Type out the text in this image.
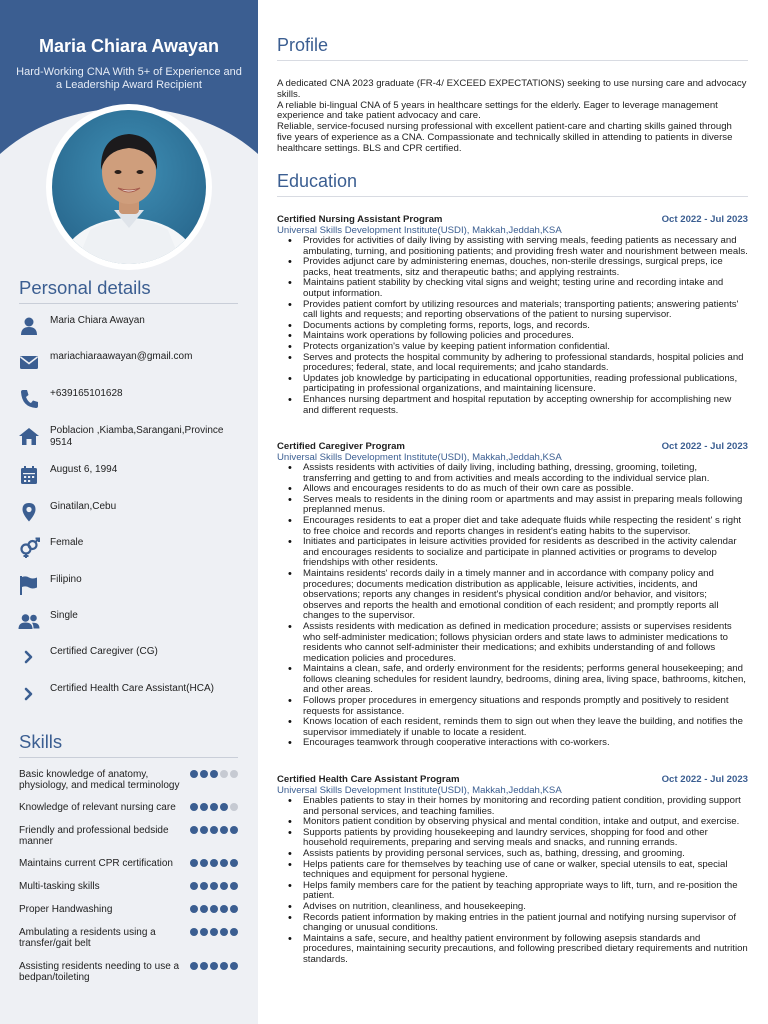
Maria Chiara Awayan
Hard-Working CNA With 5+ of Experience and a Leadership Award Recipient
Personal details
Maria Chiara Awayan
mariachiaraawayan@gmail.com
+639165101628
Poblacion ,Kiamba,Sarangani,Province 9514
August 6, 1994
Ginatilan,Cebu
Female
Filipino
Single
Certified Caregiver (CG)
Certified Health Care Assistant(HCA)
Skills
Basic knowledge of anatomy, physiology, and medical terminology
Knowledge of relevant nursing care
Friendly and professional bedside manner
Maintains current CPR certification
Multi-tasking skills
Proper Handwashing
Ambulating a residents using a transfer/gait belt
Assisting residents needing to use a bedpan/toileting
Profile

A dedicated CNA 2023 graduate (FR-4/ EXCEED EXPECTATIONS) seeking to use nursing care and advocacy skills.

A reliable bi-lingual CNA of 5 years in healthcare settings for the elderly. Eager to leverage management experience and take patient advocacy and care.

Reliable, service-focused nursing professional with excellent patient-care and charting skills gained through five years of experience as a CNA. Compassionate and technically skilled in attending to patients in diverse healthcare settings. BLS and CPR certified.

Education
Certified Nursing Assistant Program	Oct 2022 - Jul 2023
Universal Skills Development Institute(USDI), Makkah,Jeddah,KSA
• Provides for activities of daily living by assisting with serving meals, feeding patients as necessary and ambulating, turning, and positioning patients; and providing fresh water and nourishment between meals.
• Provides adjunct care by administering enemas, douches, non-sterile dressings, surgical preps, ice packs, heat treatments, sitz and therapeutic baths; and applying restraints.
• Maintains patient stability by checking vital signs and weight; testing urine and recording intake and output information.
• Provides patient comfort by utilizing resources and materials; transporting patients; answering patients' call lights and requests; and reporting observations of the patient to nursing supervisor.
• Documents actions by completing forms, reports, logs, and records.
• Maintains work operations by following policies and procedures.
• Protects organization's value by keeping patient information confidential.
• Serves and protects the hospital community by adhering to professional standards, hospital policies and procedures; federal, state, and local requirements; and jcaho standards.
• Updates job knowledge by participating in educational opportunities, reading professional publications, participating in professional organizations, and maintaining licensure.
• Enhances nursing department and hospital reputation by accepting ownership for accomplishing new and different requests.
Certified Caregiver Program	Oct 2022 - Jul 2023
Universal Skills Development Institute(USDI), Makkah,Jeddah,KSA
• Assists residents with activities of daily living, including bathing, dressing, grooming, toileting, transferring and getting to and from activities and meals according to the individual service plan.
• Allows and encourages residents to do as much of their own care as possible.
• Serves meals to residents in the dining room or apartments and may assist in preparing meals following preplanned menus.
• Encourages residents to eat a proper diet and take adequate fluids while respecting the resident' s right to free choice and records and reports changes in resident's eating habits to the supervisor.
• Initiates and participates in leisure activities provided for residents as described in the activity calendar and encourages residents to socialize and participate in planned activities or programs to develop friendships with other residents.
• Maintains residents' records daily in a timely manner and in accordance with company policy and procedures; documents medication distribution as applicable, leisure activities, incidents, and observations; reports any changes in resident's physical condition and/or behavior, and visitors; observes and reports the health and emotional condition of each resident; and promptly reports all changes to the supervisor.
• Assists residents with medication as defined in medication procedure; assists or supervises residents who self-administer medication; follows physician orders and state laws to administer medications to residents who cannot self-administer their medications; and exhibits understanding of and follows medication policies and procedures.
• Maintains a clean, safe, and orderly environment for the residents; performs general housekeeping; and follows cleaning schedules for resident laundry, bedrooms, dining area, living space, bathrooms, kitchen, and other areas.
• Follows proper procedures in emergency situations and responds promptly and positively to resident requests for assistance.
• Knows location of each resident, reminds them to sign out when they leave the building, and notifies the supervisor immediately if unable to locate a resident.
• Encourages teamwork through cooperative interactions with co-workers.
Certified Health Care Assistant Program	Oct 2022 - Jul 2023
Universal Skills Development Institute(USDI), Makkah,Jeddah,KSA
• Enables patients to stay in their homes by monitoring and recording patient condition, providing support and personal services, and teaching families.
• Monitors patient condition by observing physical and mental condition, intake and output, and exercise.
• Supports patients by providing housekeeping and laundry services, shopping for food and other household requirements, preparing and serving meals and snacks, and running errands.
• Assists patients by providing personal services, such as, bathing, dressing, and grooming.
• Helps patients care for themselves by teaching use of cane or walker, special utensils to eat, special techniques and equipment for personal hygiene.
• Helps family members care for the patient by teaching appropriate ways to lift, turn, and re-position the patient.
• Advises on nutrition, cleanliness, and housekeeping.
• Records patient information by making entries in the patient journal and notifying nursing supervisor of changing or unusual conditions.
• Maintains a safe, secure, and healthy patient environment by following asepsis standards and procedures, maintaining security precautions, and following prescribed dietary requirements and nutrition standards.
